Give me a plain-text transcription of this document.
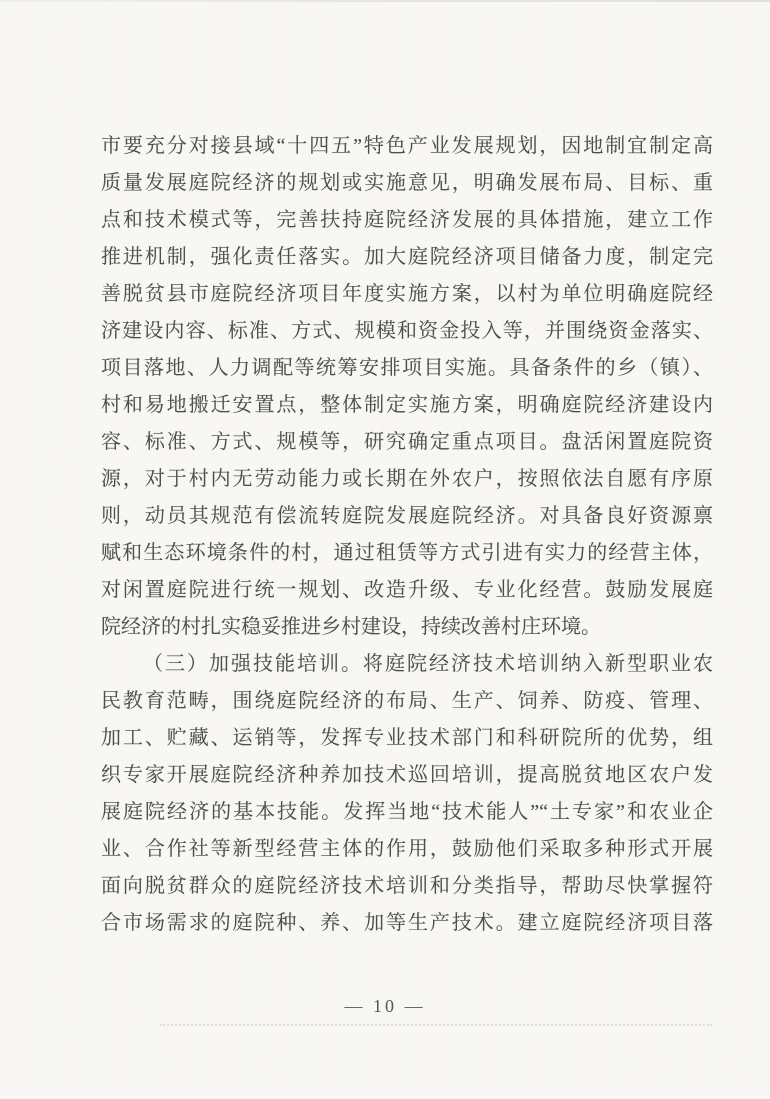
市要充分对接县域“十四五”特色产业发展规划，因地制宜制定高
质量发展庭院经济的规划或实施意见，明确发展布局、目标、重
点和技术模式等，完善扶持庭院经济发展的具体措施，建立工作
推进机制，强化责任落实。加大庭院经济项目储备力度，制定完
善脱贫县市庭院经济项目年度实施方案，以村为单位明确庭院经
济建设内容、标准、方式、规模和资金投入等，并围绕资金落实、
项目落地、人力调配等统筹安排项目实施。具备条件的乡（镇）、
村和易地搬迁安置点，整体制定实施方案，明确庭院经济建设内
容、标准、方式、规模等，研究确定重点项目。盘活闲置庭院资
源，对于村内无劳动能力或长期在外农户，按照依法自愿有序原
则，动员其规范有偿流转庭院发展庭院经济。对具备良好资源禀
赋和生态环境条件的村，通过租赁等方式引进有实力的经营主体，
对闲置庭院进行统一规划、改造升级、专业化经营。鼓励发展庭
院经济的村扎实稳妥推进乡村建设，持续改善村庄环境。
（三）加强技能培训。将庭院经济技术培训纳入新型职业农
民教育范畴，围绕庭院经济的布局、生产、饲养、防疫、管理、
加工、贮藏、运销等，发挥专业技术部门和科研院所的优势，组
织专家开展庭院经济种养加技术巡回培训，提高脱贫地区农户发
展庭院经济的基本技能。发挥当地“技术能人”“土专家”和农业企
业、合作社等新型经营主体的作用，鼓励他们采取多种形式开展
面向脱贫群众的庭院经济技术培训和分类指导，帮助尽快掌握符
合市场需求的庭院种、养、加等生产技术。建立庭院经济项目落
— 10 —
